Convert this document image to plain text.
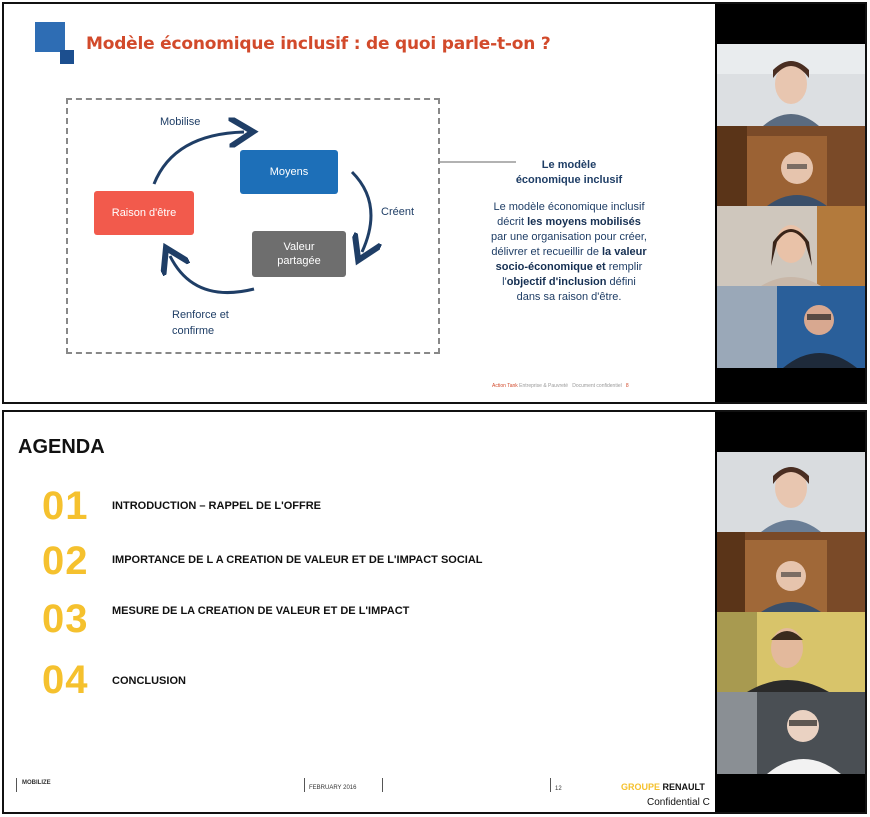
Modèle économique inclusif : de quoi parle-t-on ?
Moyens
Raison d'être
Valeur
partagée
Mobilise
Créent
Renforce et
confirme
Le modèle
économique inclusif
Le modèle économique inclusif
décrit les moyens mobilisés
par une organisation pour créer,
délivrer et recueillir de la valeur
socio-économique et remplir
l'objectif d'inclusion défini
dans sa raison d'être.
Action Tank Entreprise & Pauvreté Document confidentiel 8
AGENDA
01 INTRODUCTION – RAPPEL DE L'OFFRE
02 IMPORTANCE DE L A CREATION DE VALEUR ET DE L'IMPACT SOCIAL
03 MESURE DE LA CREATION DE VALEUR ET DE L'IMPACT
04 CONCLUSION
MOBILIZE
FEBRUARY 2016	12	GROUPE RENAULT
Confidential C
